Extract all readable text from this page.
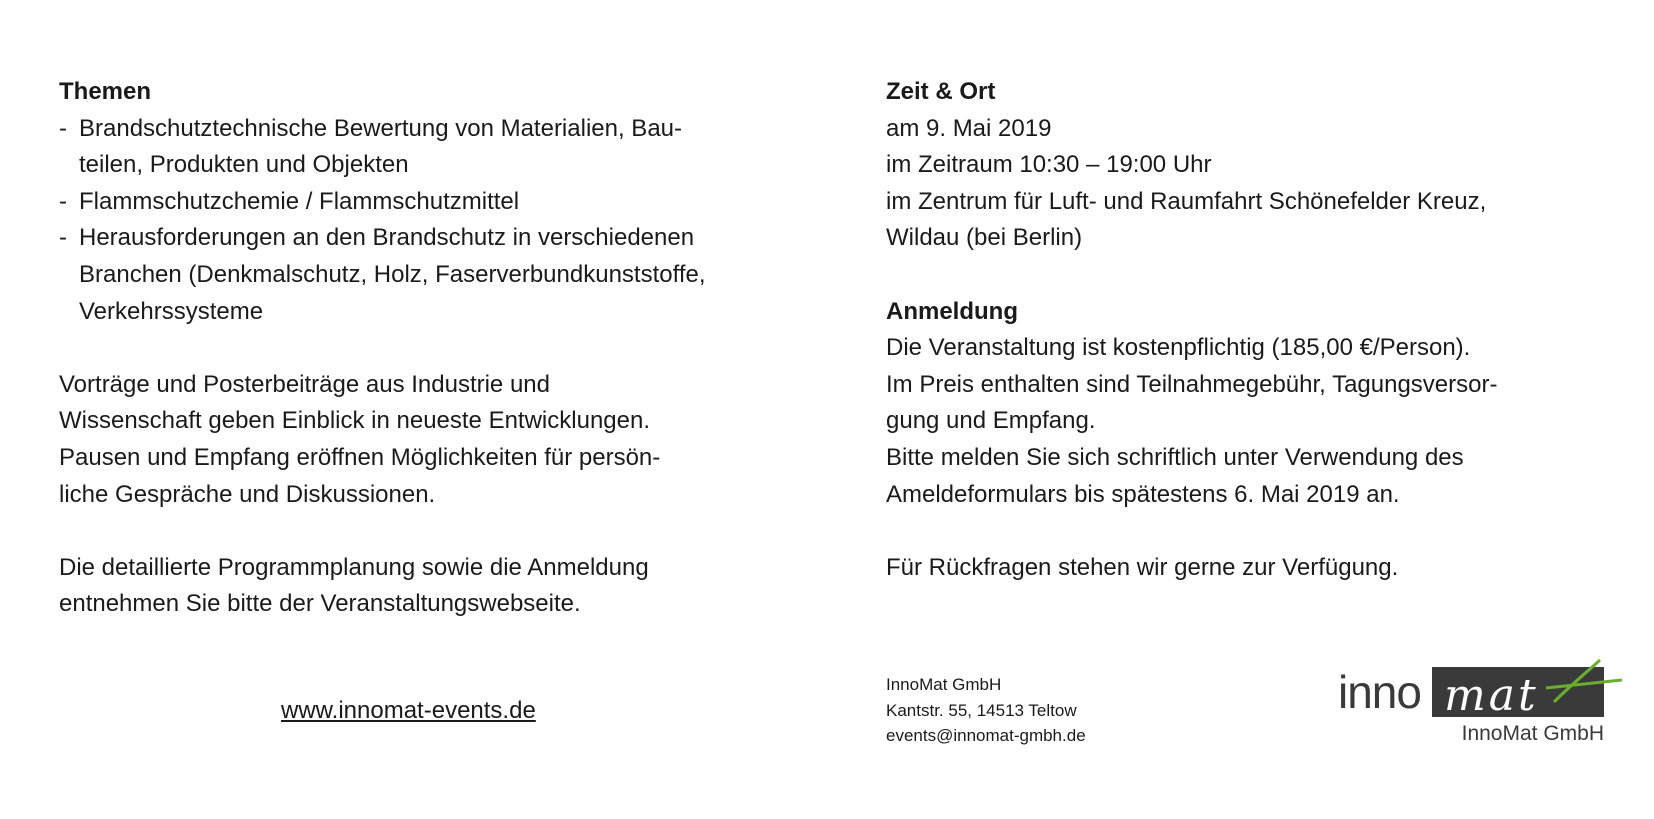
Themen
- Brandschutztechnische Bewertung von Materialien, Bau-
teilen, Produkten und Objekten
- Flammschutzchemie / Flammschutzmittel
- Herausforderungen an den Brandschutz in verschiedenen
Branchen (Denkmalschutz, Holz, Faserverbundkunststoffe,
Verkehrssysteme

Vorträge und Posterbeiträge aus Industrie und
Wissenschaft geben Einblick in neueste Entwicklungen.
Pausen und Empfang eröffnen Möglichkeiten für persön-
liche Gespräche und Diskussionen.

Die detaillierte Programmplanung sowie die Anmeldung
entnehmen Sie bitte der Veranstaltungswebseite.

www.innomat-events.de
Zeit & Ort

am 9. Mai 2019
im Zeitraum 10:30 – 19:00 Uhr
im Zentrum für Luft- und Raumfahrt Schönefelder Kreuz,
Wildau (bei Berlin)

Anmeldung

Die Veranstaltung ist kostenpflichtig (185,00 €/Person).
Im Preis enthalten sind Teilnahmegebühr, Tagungsversor-
gung und Empfang.
Bitte melden Sie sich schriftlich unter Verwendung des
Ameldeformulars bis spätestens 6. Mai 2019 an.

Für Rückfragen stehen wir gerne zur Verfügung.

InnoMat GmbH
Kantstr. 55, 14513 Teltow
events@innomat-gmbh.de
inno mat
InnoMat GmbH
